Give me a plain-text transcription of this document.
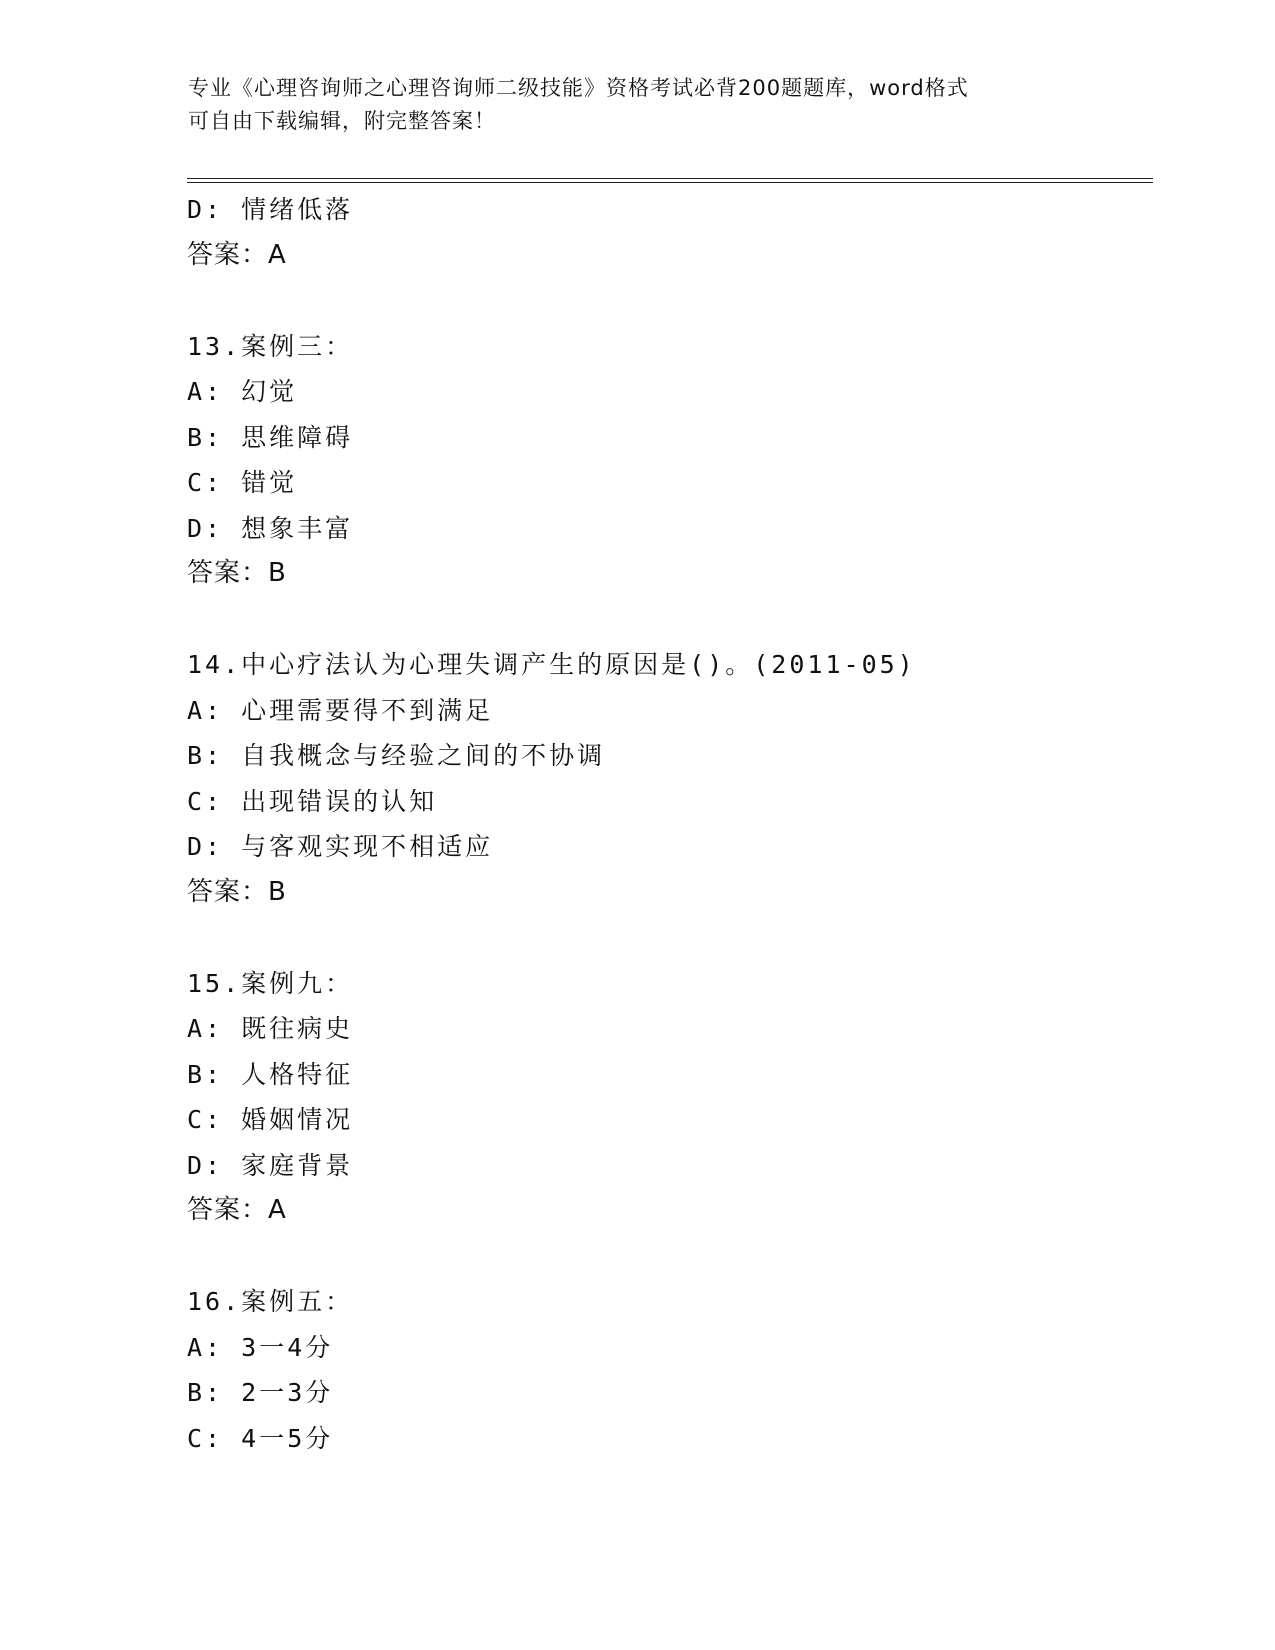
专业《心理咨询师之心理咨询师二级技能》资格考试必背200题题库，word格式
可自由下载编辑，附完整答案！
D: 情绪低落
答案：A
13.案例三：
A: 幻觉
B: 思维障碍
C: 错觉
D: 想象丰富
答案：B
14.中心疗法认为心理失调产生的原因是()。(2011-05)
A: 心理需要得不到满足
B: 自我概念与经验之间的不协调
C: 出现错误的认知
D: 与客观实现不相适应
答案：B
15.案例九：
A: 既往病史
B: 人格特征
C: 婚姻情况
D: 家庭背景
答案：A
16.案例五：
A: 3一4分
B: 2一3分
C: 4一5分
